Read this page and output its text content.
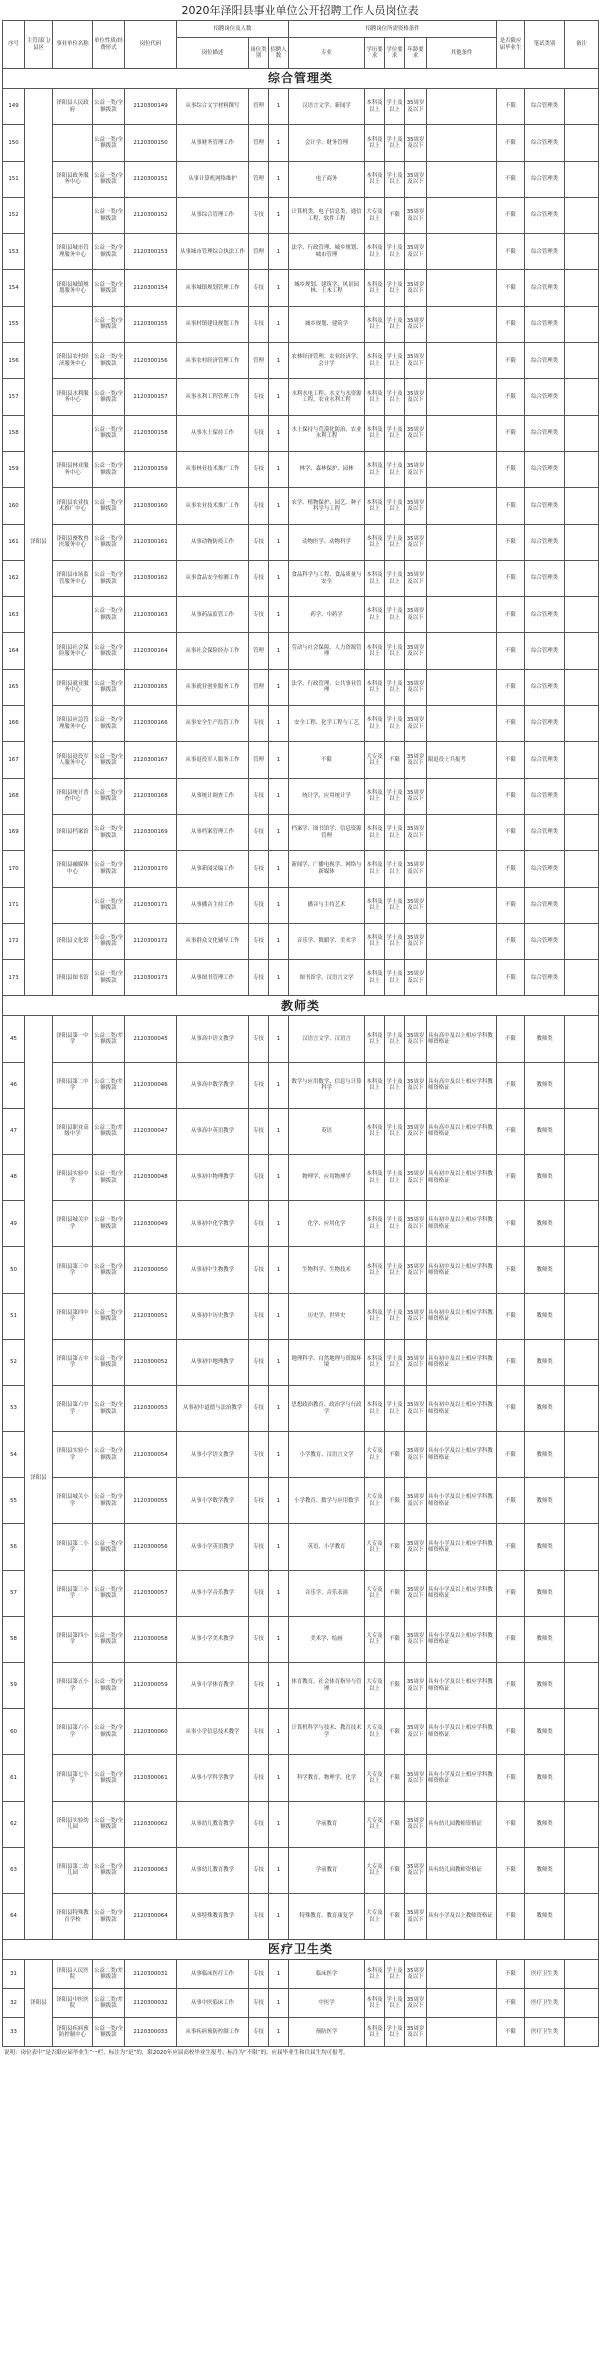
2020年泽阳县事业单位公开招聘工作人员岗位表
序号	主管部门/县区	事业单位名称	单位性质/经费形式	岗位代码	招聘岗位及人数			招聘岗位所需资格条件					是否限应届毕业生	笔试类别	备注
					岗位描述	岗位类别	招聘人数	专业	学历要求	学位要求	年龄要求	其他条件			
综合管理类															
149	泽阳县	泽阳县人民政府	公益一类/全额拨款	2120300149	从事综合文字材料撰写	管理	1	汉语言文学、新闻学	本科及以上	学士及以上	35周岁及以下		不限	综合管理类	
150			公益一类/全额拨款	2120300150	从事财务管理工作	管理	1	会计学、财务管理	本科及以上	学士及以上	35周岁及以下		不限	综合管理类	
151		泽阳县政务服务中心	公益一类/全额拨款	2120300151	从事计算机网络维护	管理	1	电子商务	本科及以上	学士及以上	35周岁及以下		不限	综合管理类	
152			公益一类/全额拨款	2120300152	从事综合管理工作	专技	1	计算机类、电子信息类、通信工程、软件工程	大专及以上	不限	35周岁及以下		不限	综合管理类	
153		泽阳县城市管理服务中心	公益一类/全额拨款	2120300153	从事城市管理综合执法工作	管理	1	法学、行政管理、城乡规划、城市管理	本科及以上	学士及以上	35周岁及以下		不限	综合管理类	
154		泽阳县城镇规划服务中心	公益一类/全额拨款	2120300154	从事城镇规划管理工作	专技	1	城乡规划、建筑学、风景园林、土木工程	本科及以上	学士及以上	35周岁及以下		不限	综合管理类	
155			公益一类/全额拨款	2120300155	从事村镇建设规划工作	专技	1	城乡规划、建筑学	本科及以上	学士及以上	35周岁及以下		不限	综合管理类	
156		泽阳县农村经济服务中心	公益一类/全额拨款	2120300156	从事农村经济管理工作	管理	1	农林经济管理、农业经济学、会计学	本科及以上	学士及以上	35周岁及以下		不限	综合管理类	
157		泽阳县水利服务中心	公益一类/全额拨款	2120300157	从事水利工程管理工作	专技	1	水利水电工程、水文与水资源工程、农业水利工程	本科及以上	学士及以上	35周岁及以下		不限	综合管理类	
158			公益一类/全额拨款	2120300158	从事水土保持工作	专技	1	水土保持与荒漠化防治、农业水利工程	本科及以上	学士及以上	35周岁及以下		不限	综合管理类	
159		泽阳县林业服务中心	公益一类/全额拨款	2120300159	从事林业技术推广工作	专技	1	林学、森林保护、园林	本科及以上	学士及以上	35周岁及以下		不限	综合管理类	
160		泽阳县农业技术推广中心	公益一类/全额拨款	2120300160	从事农业技术推广工作	专技	1	农学、植物保护、园艺、种子科学与工程	本科及以上	学士及以上	35周岁及以下		不限	综合管理类	
161		泽阳县畜牧兽医服务中心	公益一类/全额拨款	2120300161	从事动物防疫工作	专技	1	动物医学、动物科学	本科及以上	学士及以上	35周岁及以下		不限	综合管理类	
162		泽阳县市场监管服务中心	公益一类/全额拨款	2120300162	从事食品安全检测工作	专技	1	食品科学与工程、食品质量与安全	本科及以上	学士及以上	35周岁及以下		不限	综合管理类	
163			公益一类/全额拨款	2120300163	从事药品监管工作	专技	1	药学、中药学	本科及以上	学士及以上	35周岁及以下		不限	综合管理类	
164		泽阳县社会保险服务中心	公益一类/全额拨款	2120300164	从事社会保险经办工作	管理	1	劳动与社会保障、人力资源管理	本科及以上	学士及以上	35周岁及以下		不限	综合管理类	
165		泽阳县就业服务中心	公益一类/全额拨款	2120300165	从事就业创业服务工作	管理	1	法学、行政管理、公共事业管理	本科及以上	学士及以上	35周岁及以下		不限	综合管理类	
166		泽阳县应急管理服务中心	公益一类/全额拨款	2120300166	从事安全生产监管工作	专技	1	安全工程、化学工程与工艺	本科及以上	学士及以上	35周岁及以下		不限	综合管理类	
167		泽阳县退役军人服务中心	公益一类/全额拨款	2120300167	从事退役军人服务工作	管理	1	不限	大专及以上	不限	35周岁及以下	限退役士兵报考	不限	综合管理类	
168		泽阳县统计普查中心	公益一类/全额拨款	2120300168	从事统计调查工作	专技	1	统计学、应用统计学	本科及以上	学士及以上	35周岁及以下		不限	综合管理类	
169		泽阳县档案馆	公益一类/全额拨款	2120300169	从事档案管理工作	专技	1	档案学、图书馆学、信息资源管理	本科及以上	学士及以上	35周岁及以下		不限	综合管理类	
170		泽阳县融媒体中心	公益一类/全额拨款	2120300170	从事新闻采编工作	专技	1	新闻学、广播电视学、网络与新媒体	本科及以上	学士及以上	35周岁及以下		不限	综合管理类	
171			公益一类/全额拨款	2120300171	从事播音主持工作	专技	1	播音与主持艺术	本科及以上	学士及以上	35周岁及以下		不限	综合管理类	
172		泽阳县文化馆	公益一类/全额拨款	2120300172	从事群众文化辅导工作	专技	1	音乐学、舞蹈学、美术学	本科及以上	学士及以上	35周岁及以下		不限	综合管理类	
173		泽阳县图书馆	公益一类/全额拨款	2120300173	从事图书管理工作	专技	1	图书馆学、汉语言文学	本科及以上	学士及以上	35周岁及以下		不限	综合管理类	
教师类															
45	泽阳县	泽阳县第一中学	公益二类/差额拨款	2120300045	从事高中语文教学	专技	1	汉语言文学、汉语言	本科及以上	学士及以上	35周岁及以下	具有高中及以上相应学科教师资格证	不限	教师类	
46		泽阳县第二中学	公益二类/差额拨款	2120300046	从事高中数学教学	专技	1	数学与应用数学、信息与计算科学	本科及以上	学士及以上	35周岁及以下	具有高中及以上相应学科教师资格证	不限	教师类	
47		泽阳县职业高级中学	公益二类/差额拨款	2120300047	从事高中英语教学	专技	1	英语	本科及以上	学士及以上	35周岁及以下	具有高中及以上相应学科教师资格证	不限	教师类	
48		泽阳县实验中学	公益一类/全额拨款	2120300048	从事初中物理教学	专技	1	物理学、应用物理学	本科及以上	学士及以上	35周岁及以下	具有初中及以上相应学科教师资格证	不限	教师类	
49		泽阳县城关中学	公益一类/全额拨款	2120300049	从事初中化学教学	专技	1	化学、应用化学	本科及以上	学士及以上	35周岁及以下	具有初中及以上相应学科教师资格证	不限	教师类	
50		泽阳县第三中学	公益一类/全额拨款	2120300050	从事初中生物教学	专技	1	生物科学、生物技术	本科及以上	学士及以上	35周岁及以下	具有初中及以上相应学科教师资格证	不限	教师类	
51		泽阳县第四中学	公益一类/全额拨款	2120300051	从事初中历史教学	专技	1	历史学、世界史	本科及以上	学士及以上	35周岁及以下	具有初中及以上相应学科教师资格证	不限	教师类	
52		泽阳县第五中学	公益一类/全额拨款	2120300052	从事初中地理教学	专技	1	地理科学、自然地理与资源环境	本科及以上	学士及以上	35周岁及以下	具有初中及以上相应学科教师资格证	不限	教师类	
53		泽阳县第六中学	公益一类/全额拨款	2120300053	从事初中道德与法治教学	专技	1	思想政治教育、政治学与行政学	本科及以上	学士及以上	35周岁及以下	具有初中及以上相应学科教师资格证	不限	教师类	
54		泽阳县实验小学	公益一类/全额拨款	2120300054	从事小学语文教学	专技	1	小学教育、汉语言文学	大专及以上	不限	35周岁及以下	具有小学及以上相应学科教师资格证	不限	教师类	
55		泽阳县城关小学	公益一类/全额拨款	2120300055	从事小学数学教学	专技	1	小学教育、数学与应用数学	大专及以上	不限	35周岁及以下	具有小学及以上相应学科教师资格证	不限	教师类	
56		泽阳县第二小学	公益一类/全额拨款	2120300056	从事小学英语教学	专技	1	英语、小学教育	大专及以上	不限	35周岁及以下	具有小学及以上相应学科教师资格证	不限	教师类	
57		泽阳县第三小学	公益一类/全额拨款	2120300057	从事小学音乐教学	专技	1	音乐学、音乐表演	大专及以上	不限	35周岁及以下	具有小学及以上相应学科教师资格证	不限	教师类	
58		泽阳县第四小学	公益一类/全额拨款	2120300058	从事小学美术教学	专技	1	美术学、绘画	大专及以上	不限	35周岁及以下	具有小学及以上相应学科教师资格证	不限	教师类	
59		泽阳县第五小学	公益一类/全额拨款	2120300059	从事小学体育教学	专技	1	体育教育、社会体育指导与管理	大专及以上	不限	35周岁及以下	具有小学及以上相应学科教师资格证	不限	教师类	
60		泽阳县第六小学	公益一类/全额拨款	2120300060	从事小学信息技术教学	专技	1	计算机科学与技术、教育技术学	大专及以上	不限	35周岁及以下	具有小学及以上相应学科教师资格证	不限	教师类	
61		泽阳县第七小学	公益一类/全额拨款	2120300061	从事小学科学教学	专技	1	科学教育、物理学、化学	大专及以上	不限	35周岁及以下	具有小学及以上相应学科教师资格证	不限	教师类	
62		泽阳县实验幼儿园	公益一类/全额拨款	2120300062	从事幼儿教育教学	专技	1	学前教育	大专及以上	不限	35周岁及以下	具有幼儿园教师资格证	不限	教师类	
63		泽阳县第二幼儿园	公益一类/全额拨款	2120300063	从事幼儿教育教学	专技	1	学前教育	大专及以上	不限	35周岁及以下	具有幼儿园教师资格证	不限	教师类	
64		泽阳县特殊教育学校	公益一类/全额拨款	2120300064	从事特殊教育教学	专技	1	特殊教育、教育康复学	大专及以上	不限	35周岁及以下	具有小学及以上教师资格证	不限	教师类	
医疗卫生类															
31	泽阳县	泽阳县人民医院	公益二类/差额拨款	2120300031	从事临床医疗工作	专技	1	临床医学	本科及以上	学士及以上	35周岁及以下		不限	医疗卫生类	
32		泽阳县中医医院	公益二类/差额拨款	2120300032	从事中医临床工作	专技	1	中医学	本科及以上	学士及以上	35周岁及以下		不限	医疗卫生类	
33		泽阳县疾病预防控制中心	公益一类/全额拨款	2120300033	从事疾病预防控制工作	专技	1	预防医学	本科及以上	学士及以上	35周岁及以下		不限	医疗卫生类	
说明：岗位表中“是否限应届毕业生”一栏，标注为“是”的，限2020年应届高校毕业生报考；标注为“不限”的，应届毕业生和往届生均可报考。
